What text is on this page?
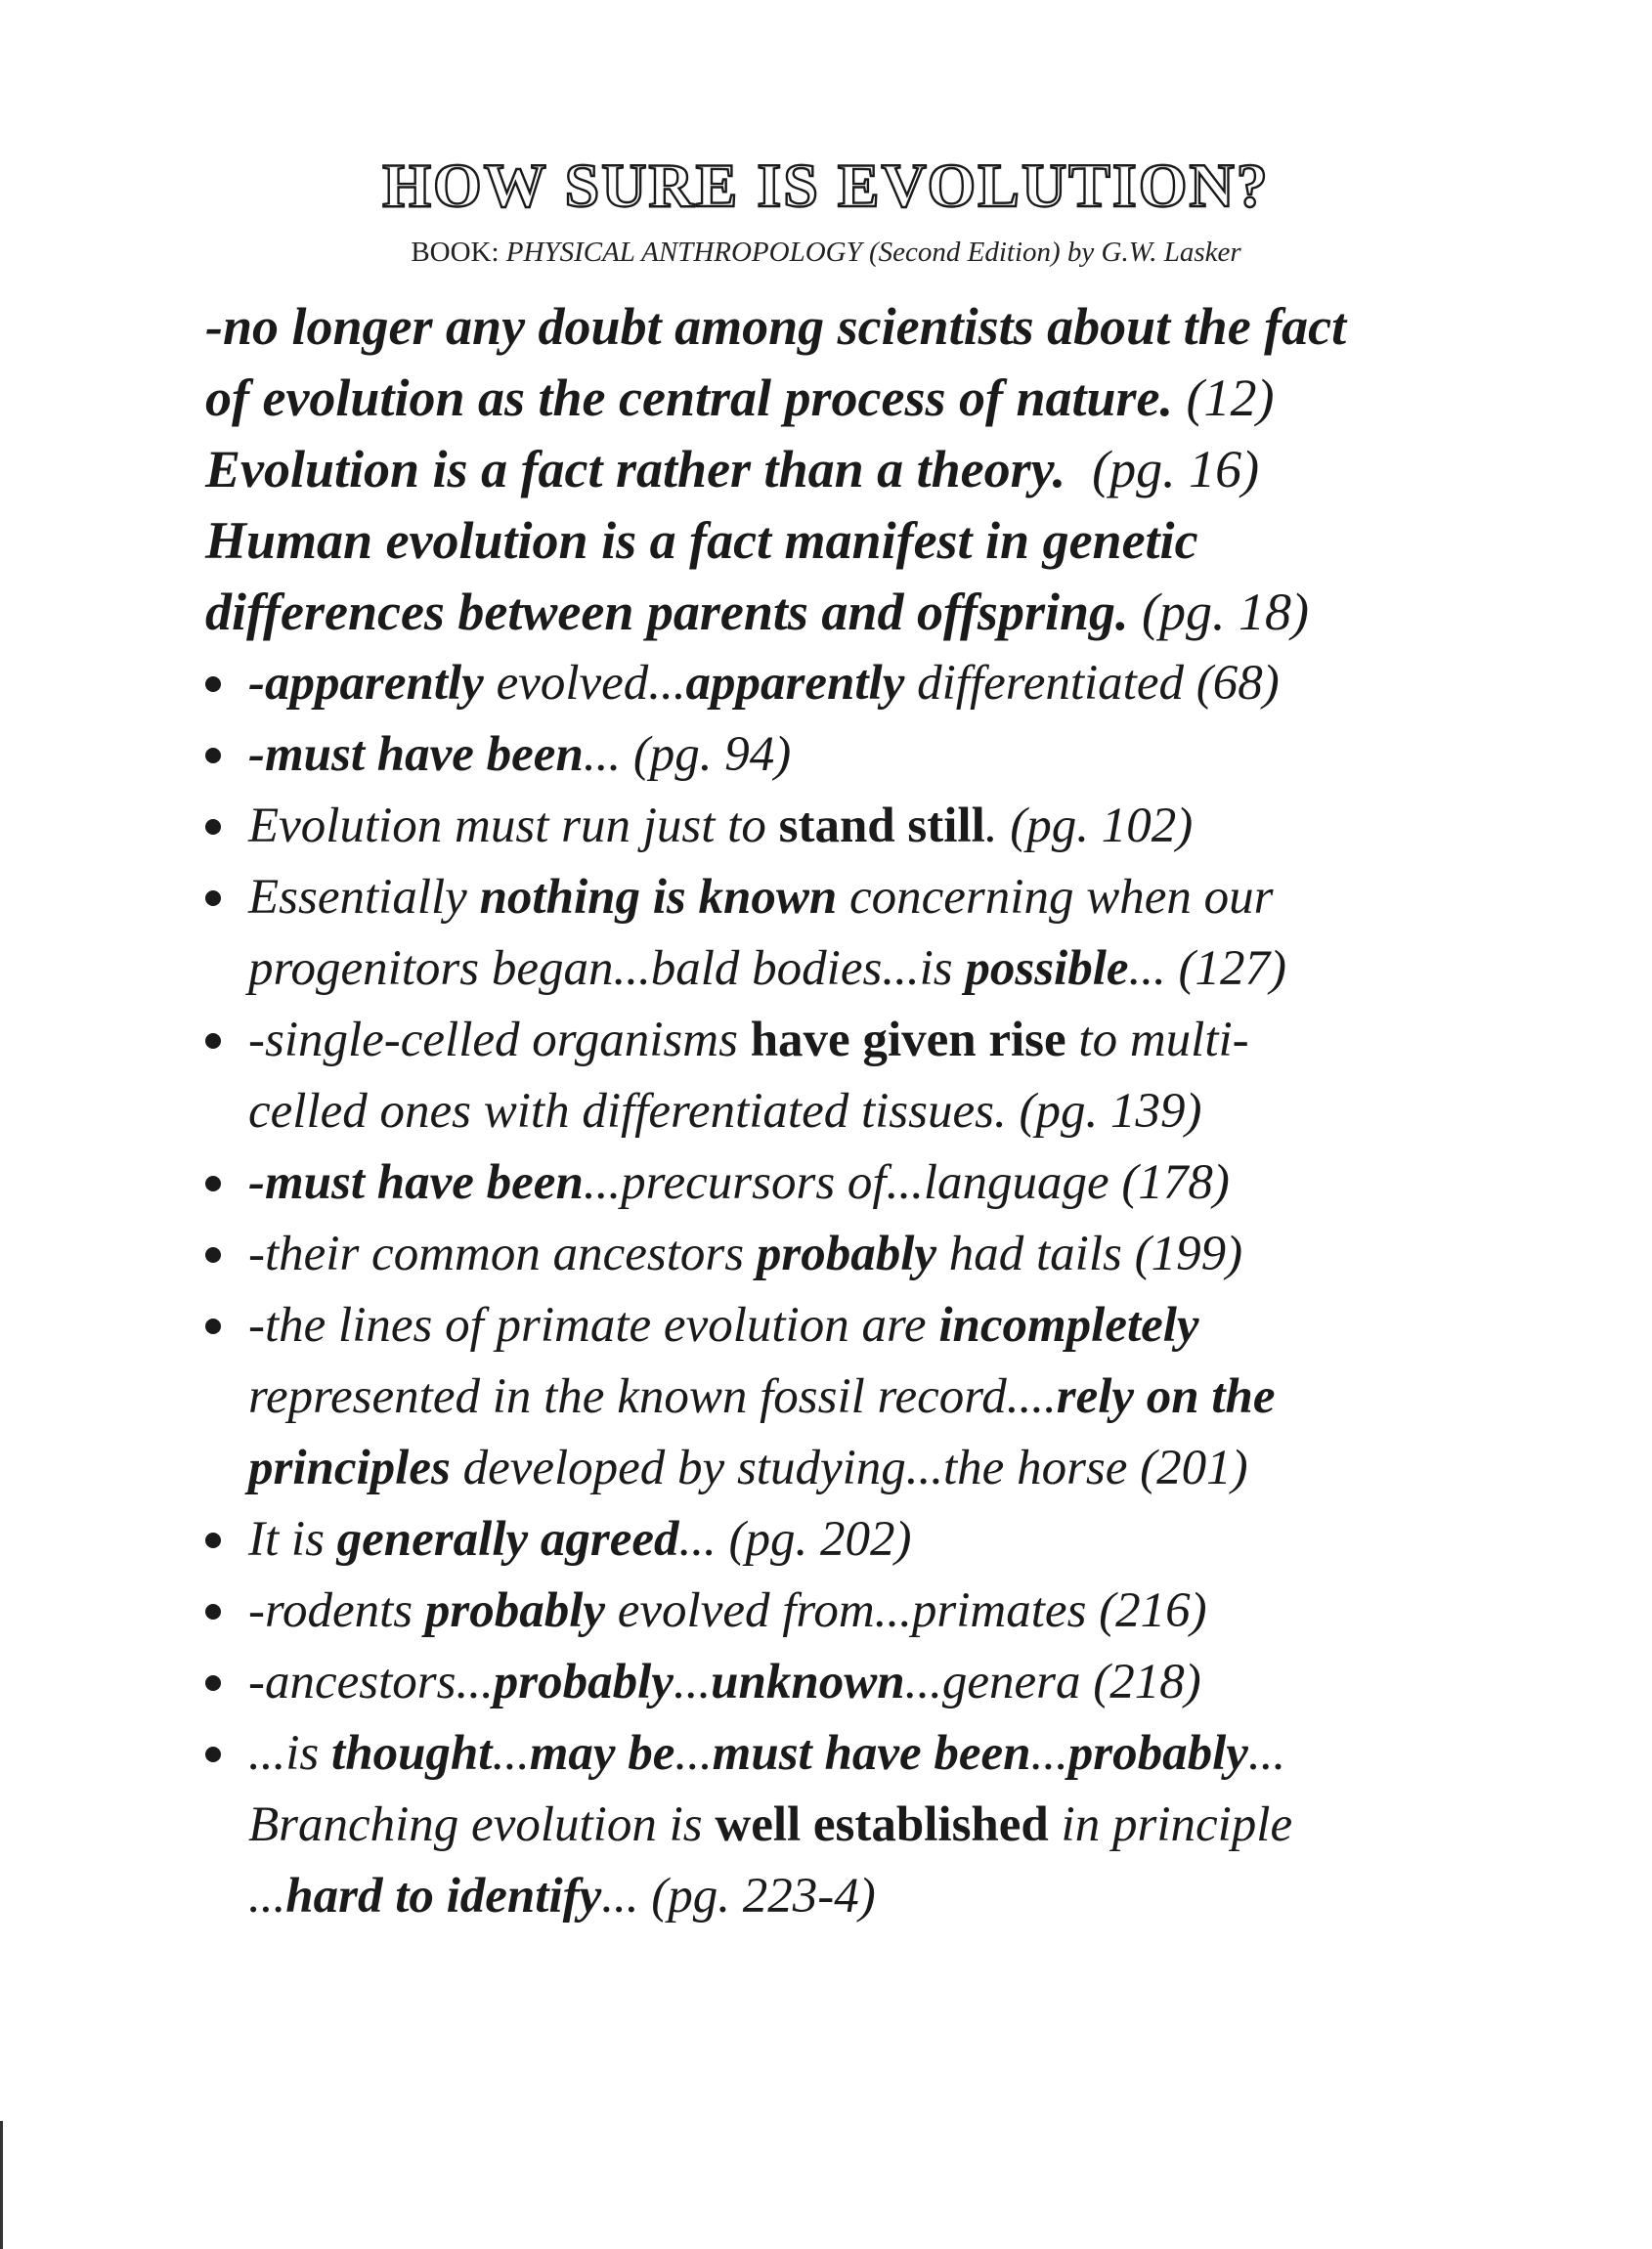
HOW SURE IS EVOLUTION?
BOOK: PHYSICAL ANTHROPOLOGY (Second Edition) by G.W. Lasker
-no longer any doubt among scientists about the fact
of evolution as the central process of nature. (12)
Evolution is a fact rather than a theory. (pg. 16)
Human evolution is a fact manifest in genetic
differences between parents and offspring. (pg. 18)
-apparently evolved...apparently differentiated (68)
-must have been... (pg. 94)
Evolution must run just to stand still. (pg. 102)
Essentially nothing is known concerning when our
progenitors began...bald bodies...is possible... (127)
-single-celled organisms have given rise to multi-
celled ones with differentiated tissues. (pg. 139)
-must have been...precursors of...language (178)
-their common ancestors probably had tails (199)
-the lines of primate evolution are incompletely
represented in the known fossil record....rely on the
principles developed by studying...the horse (201)
It is generally agreed... (pg. 202)
-rodents probably evolved from...primates (216)
-ancestors...probably...unknown...genera (218)
...is thought...may be...must have been...probably...
Branching evolution is well established in principle
...hard to identify... (pg. 223-4)
